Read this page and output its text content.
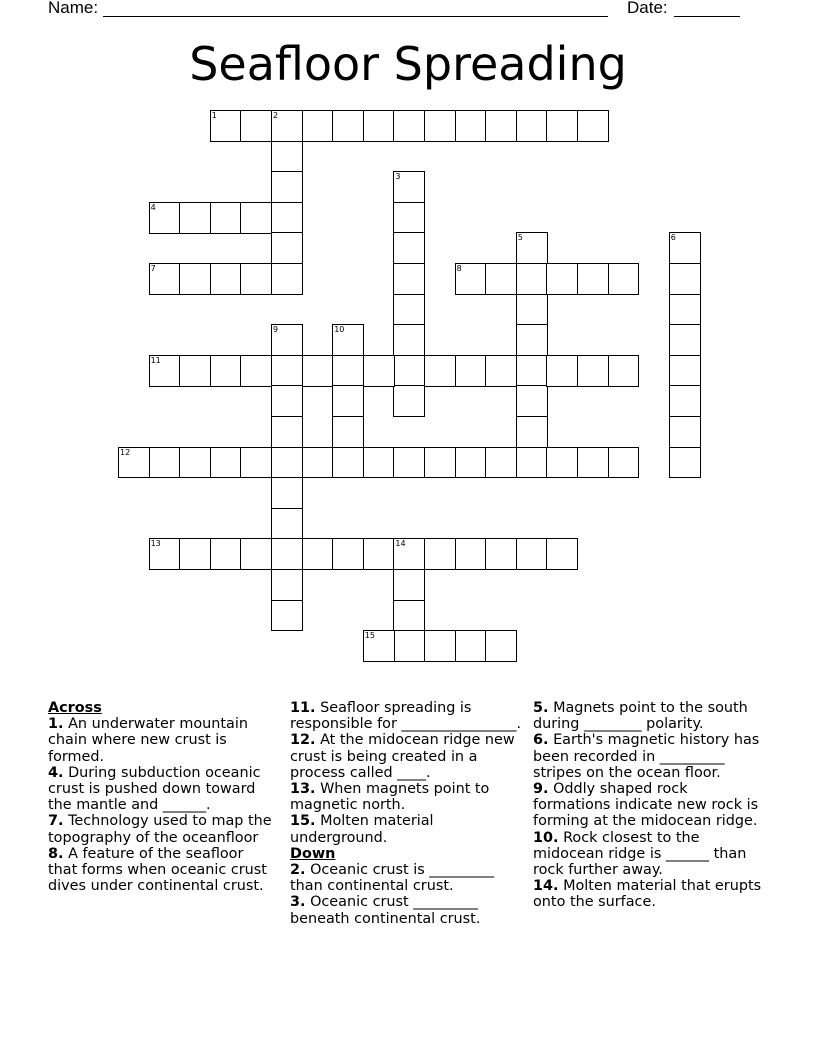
Name:	Date:
Seafloor Spreading
1	2
3
4
5	6
7	8
9	10
11
12
13	14
15
Across
1. An underwater mountain chain where new crust is formed.
4. During subduction oceanic crust is pushed down toward the mantle and ______.
7. Technology used to map the topography of the oceanfloor
8. A feature of the seafloor that forms when oceanic crust dives under continental crust.
11. Seafloor spreading is responsible for ________________.
12. At the midocean ridge new crust is being created in a process called ____.
13. When magnets point to magnetic north.
15. Molten material underground.
Down
2. Oceanic crust is _________ than continental crust.
3. Oceanic crust _________ beneath continental crust.
5. Magnets point to the south during ________ polarity.
6. Earth's magnetic history has been recorded in _________ stripes on the ocean floor.
9. Oddly shaped rock formations indicate new rock is forming at the midocean ridge.
10. Rock closest to the midocean ridge is ______ than rock further away.
14. Molten material that erupts onto the surface.
